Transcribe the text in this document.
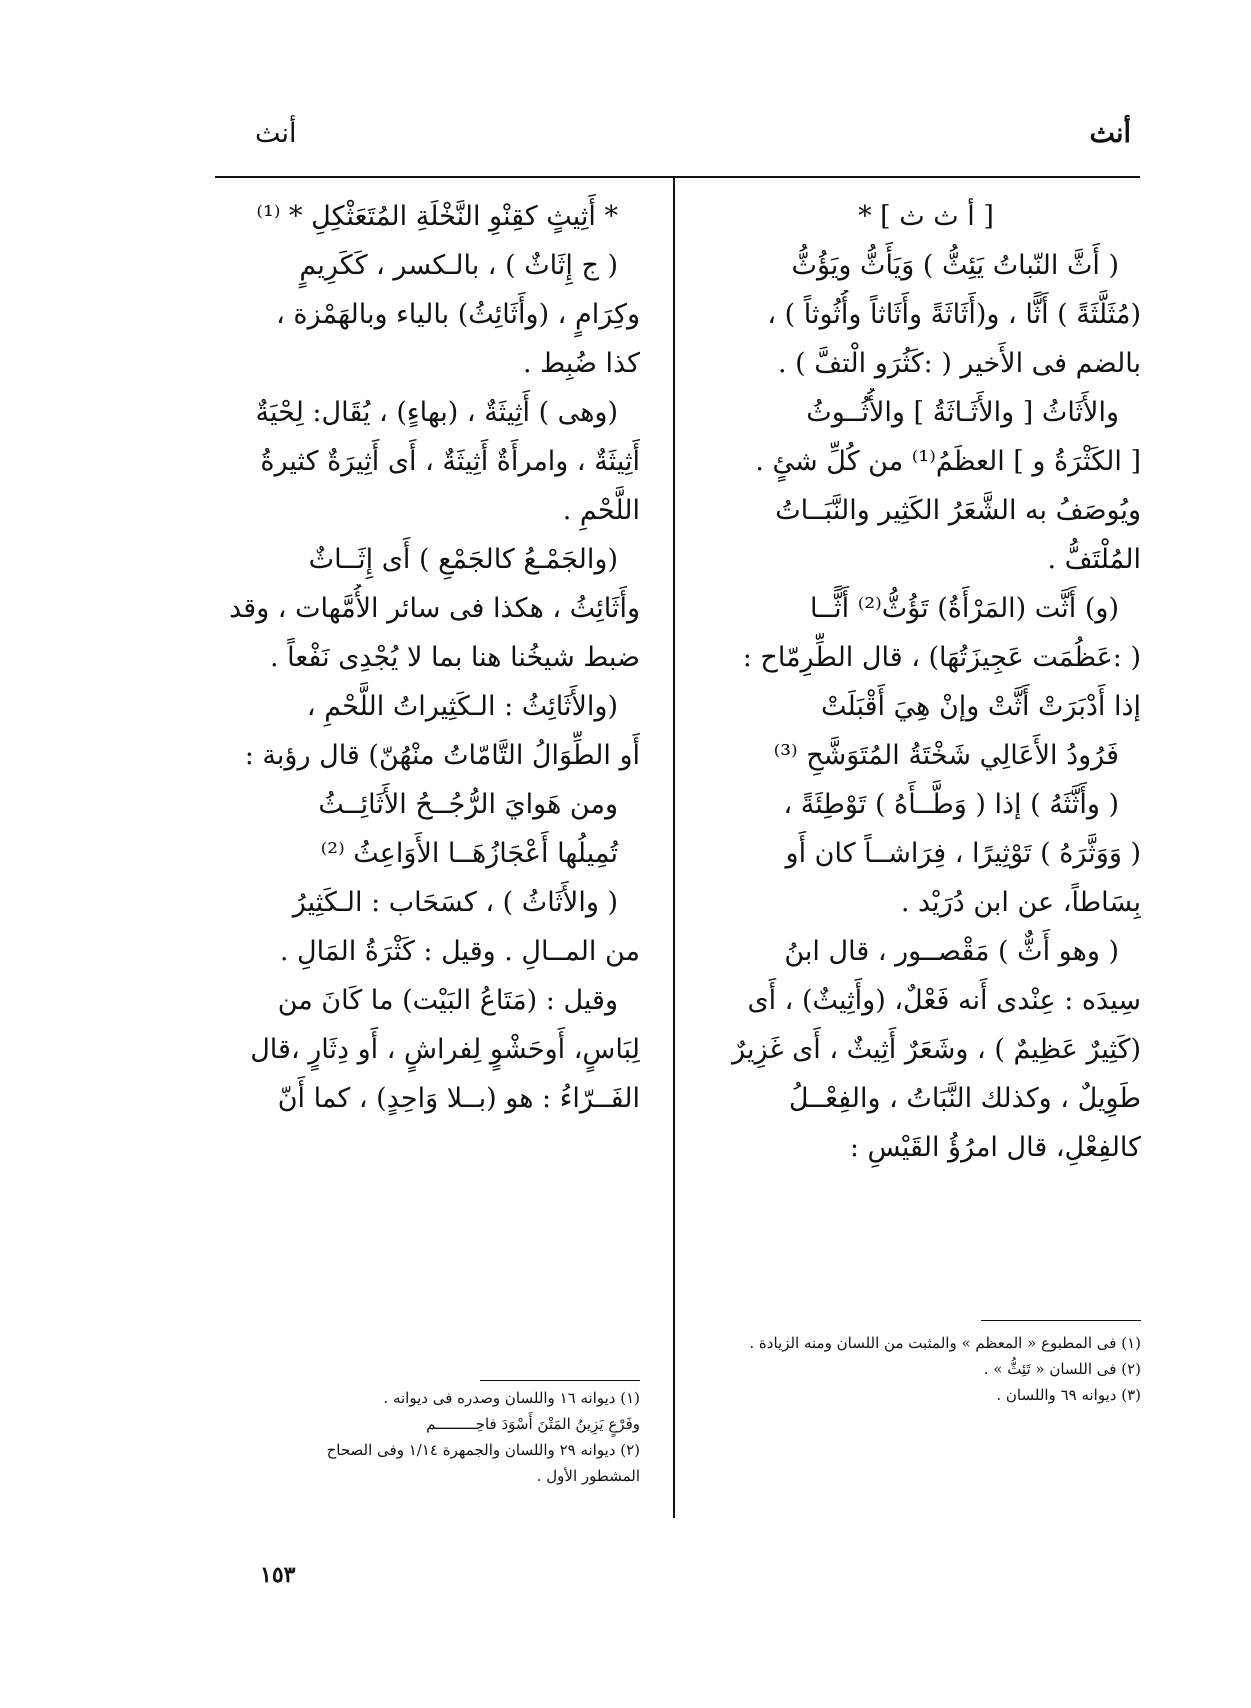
أنث
أنث
[ أ ث ث ] *
( أَثَّ النّباتُ يَئِثُّ ) وَيَأَثُّ ويَؤُثُّ
(مُثَلَّثَةً ) أَثًّا ، و(أَثَاثَةً وأَثَاثاً وأُثُوثاً ) ،
بالضم فى الأَخير ( :كَثُرَو الْتفَّ ) .
والأَثَاثُ [ والأَثَـاثَةُ ] والأُثُــوثُ
[ الكَثْرَةُ و ] العظَمُ⁽¹⁾ من كُلِّ شئٍ .
ويُوصَفُ به الشَّعَرُ الكَثِير والنَّبَــاتُ
المُلْتَفُّ .
(و) أَثَّت (المَرْأَةُ) تَؤُثُّ⁽²⁾ أَثًّــا
( :عَظُمَت عَجِيزَتُهَا) ، قال الطِّرِمّاح :
إذا أَدْبَرَتْ أَثَّتْ وإنْ هِيَ أَقْبَلَتْ
فَرُودُ الأَعَالِي شَخْتَةُ المُتَوَشَّحِ ⁽³⁾
( وأَثَّثَهُ ) إذا ( وَطَّــأَهُ ) تَوْطِئَةً ،
( وَوَثَّرَهُ ) تَوْثِيرًا ، فِرَاشــاً كان أَو
بِسَاطاً، عن ابن دُرَيْد .
( وهو أَثٌّ ) مَقْصــور ، قال ابنُ
سِيدَه : عِنْدى أَنه فَعْلٌ، (وأَثِيثٌ) ، أَى
(كَثِيرٌ عَظِيمٌ ) ، وشَعَرٌ أَثِيثٌ ، أَى غَزِيرٌ
طَوِيلٌ ، وكذلك النَّبَاتُ ، والفِعْــلُ
كالفِعْلِ، قال امرُؤُ القَيْسِ :
* أَثِيثٍ كقِنْوِ النَّخْلَةِ المُتَعَثْكِلِ * ⁽¹⁾
( ج إِثَاثٌ ) ، بالـكسر ، كَكَرِيمٍ
وكِرَامٍ ، (وأَثَائِثُ) بالياء وبالهَمْزة ،
كذا ضُبِط .
(وهى ) أَثِيثَةٌ ، (بهاءٍ) ، يُقَال: لِحْيَةٌ
أَثِيثَةٌ ، وامرأَةٌ أَثِيثَةٌ ، أَى أَثِيرَةٌ كثيرةُ
اللَّحْمِ .
(والجَمْـعُ كالجَمْعِ ) أَى إِثَــاثٌ
وأَثَائِثُ ، هكذا فى سائر الأُمَّهات ، وقد
ضبط شيخُنا هنا بما لا يُجْدِى نَفْعاً .
(والأَثَائِثُ : الـكَثِيراتُ اللَّحْمِ ،
أَو الطِّوَالُ التَّامّاتُ منْهُنّ) قال رؤبة :
ومن هَوايَ الرُّجُــحُ الأَثَائِــثُ
تُمِيلُها أَعْجَازُهَــا الأَوَاعِثُ ⁽²⁾
( والأَثَاثُ ) ، كسَحَاب : الـكَثِيرُ
من المــالِ . وقيل : كَثْرَةُ المَالِ .
وقيل : (مَتَاعُ البَيْت) ما كَانَ من
لِبَاسٍ، أَوحَشْوٍ لِفراشٍ ، أَو دِثَارٍ ،قال
الفَــرّاءُ : هو (بــلا وَاحِدٍ) ، كما أَنّ
(١) فى المطبوع « المعظم » والمثبت من اللسان ومنه الزيادة .
(٢) فى اللسان « تَئِثُّ » .
(٣) ديوانه ٦٩ واللسان .
(١) ديوانه ١٦ واللسان وصدره فى ديوانه .
وفَرْعٍ يَزِينُ المَتْنَ أَسْوَدَ فاحِـــــــــم
(٢) ديوانه ٢٩ واللسان والجمهرة ١/١٤ وفى الصحاح
المشطور الأول .
١٥٣
